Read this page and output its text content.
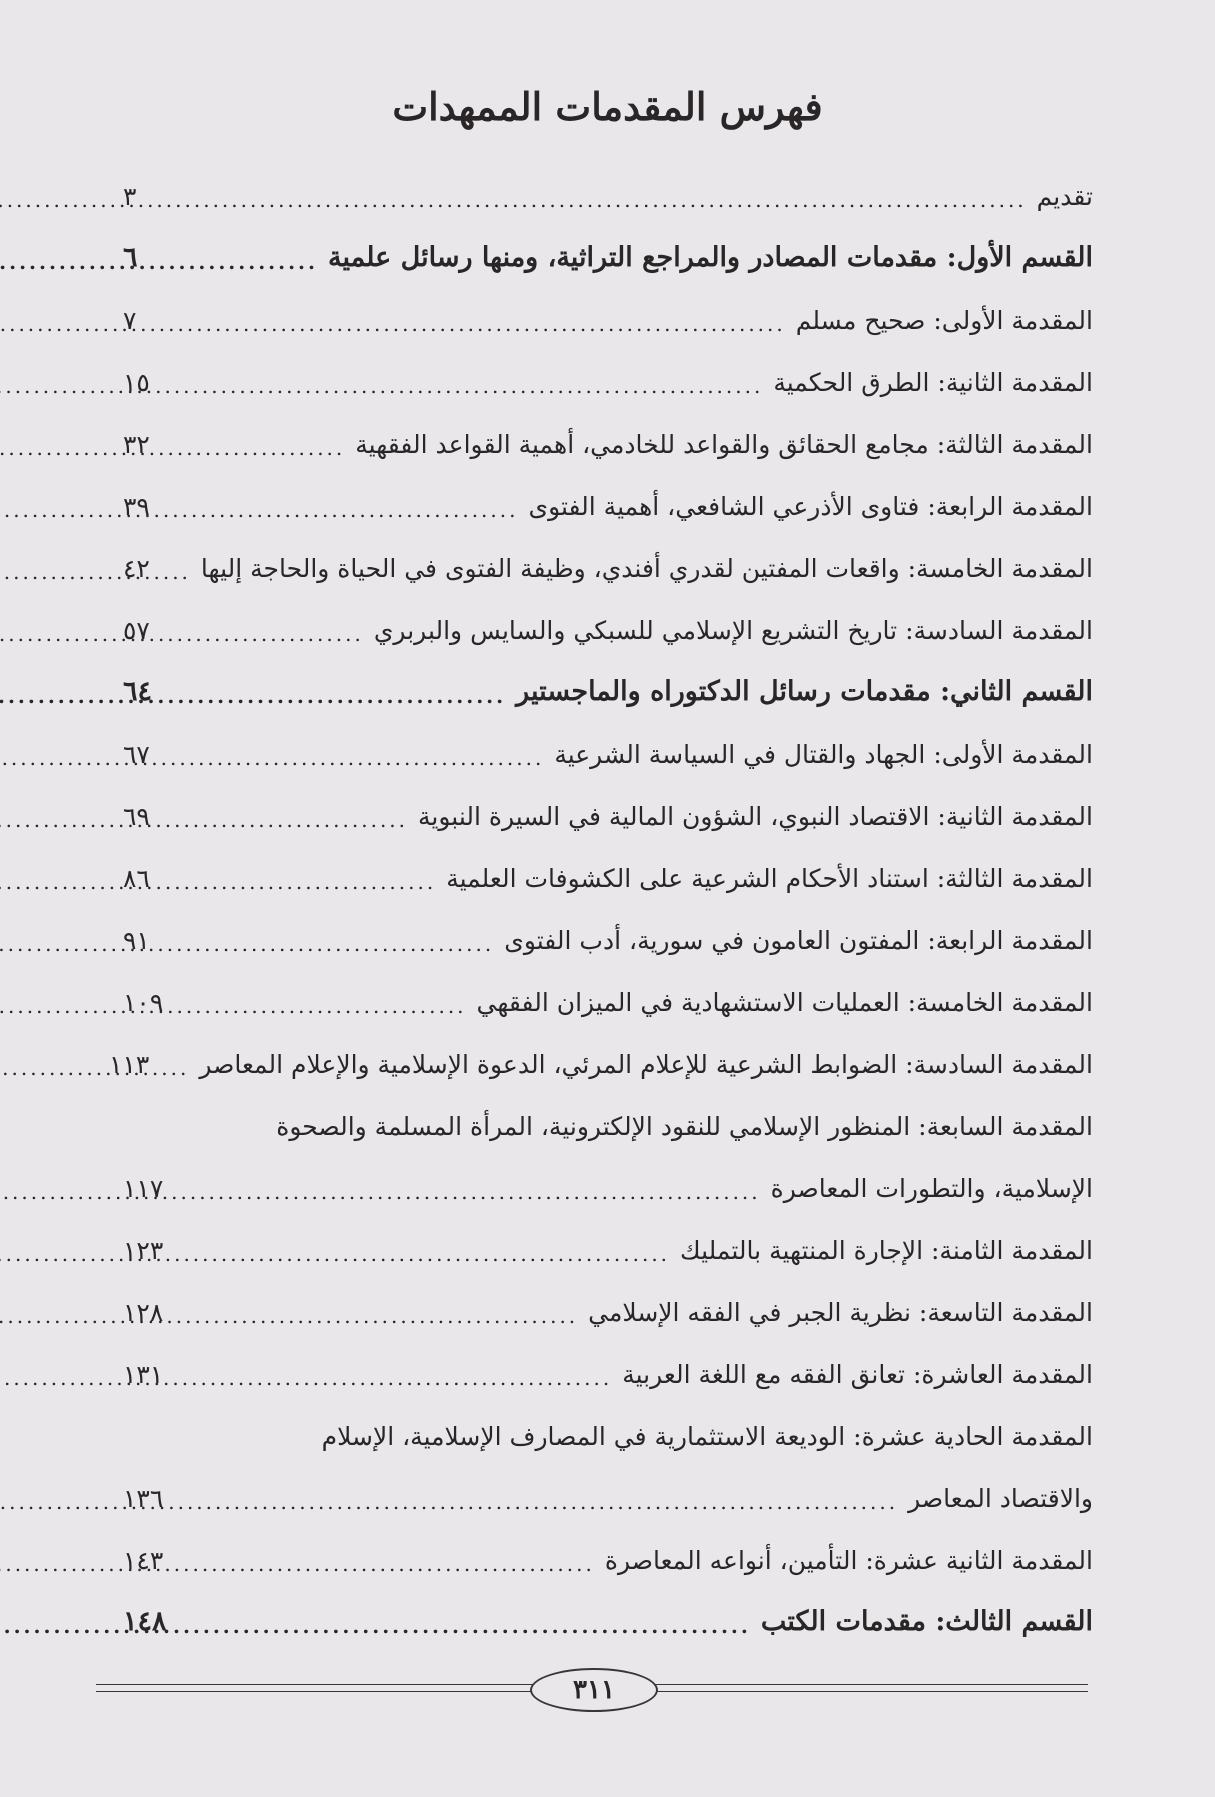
فهرس المقدمات الممهدات
تقديم
.....
٣
القسم الأول: مقدمات المصادر والمراجع التراثية، ومنها رسائل علمية
.....
٦
المقدمة الأولى: صحيح مسلم
.....
٧
المقدمة الثانية: الطرق الحكمية
.....
١٥
المقدمة الثالثة: مجامع الحقائق والقواعد للخادمي، أهمية القواعد الفقهية
.....
٣٢
المقدمة الرابعة: فتاوى الأذرعي الشافعي، أهمية الفتوى
.....
٣٩
المقدمة الخامسة: واقعات المفتين لقدري أفندي، وظيفة الفتوى في الحياة والحاجة إليها
.....
٤٢
المقدمة السادسة: تاريخ التشريع الإسلامي للسبكي والسايس والبربري
.....
٥٧
القسم الثاني: مقدمات رسائل الدكتوراه والماجستير
.....
٦٤
المقدمة الأولى: الجهاد والقتال في السياسة الشرعية
.....
٦٧
المقدمة الثانية: الاقتصاد النبوي، الشؤون المالية في السيرة النبوية
.....
٦٩
المقدمة الثالثة: استناد الأحكام الشرعية على الكشوفات العلمية
.....
٨٦
المقدمة الرابعة: المفتون العامون في سورية، أدب الفتوى
.....
٩١
المقدمة الخامسة: العمليات الاستشهادية في الميزان الفقهي
.....
١٠٩
المقدمة السادسة: الضوابط الشرعية للإعلام المرئي، الدعوة الإسلامية والإعلام المعاصر
.....
١١٣
المقدمة السابعة: المنظور الإسلامي للنقود الإلكترونية، المرأة المسلمة والصحوة
الإسلامية، والتطورات المعاصرة
.....
١١٧
المقدمة الثامنة: الإجارة المنتهية بالتمليك
.....
١٢٣
المقدمة التاسعة: نظرية الجبر في الفقه الإسلامي
.....
١٢٨
المقدمة العاشرة: تعانق الفقه مع اللغة العربية
.....
١٣١
المقدمة الحادية عشرة: الوديعة الاستثمارية في المصارف الإسلامية، الإسلام
والاقتصاد المعاصر
.....
١٣٦
المقدمة الثانية عشرة: التأمين، أنواعه المعاصرة
.....
١٤٣
القسم الثالث: مقدمات الكتب
.....
١٤٨
٣١١
